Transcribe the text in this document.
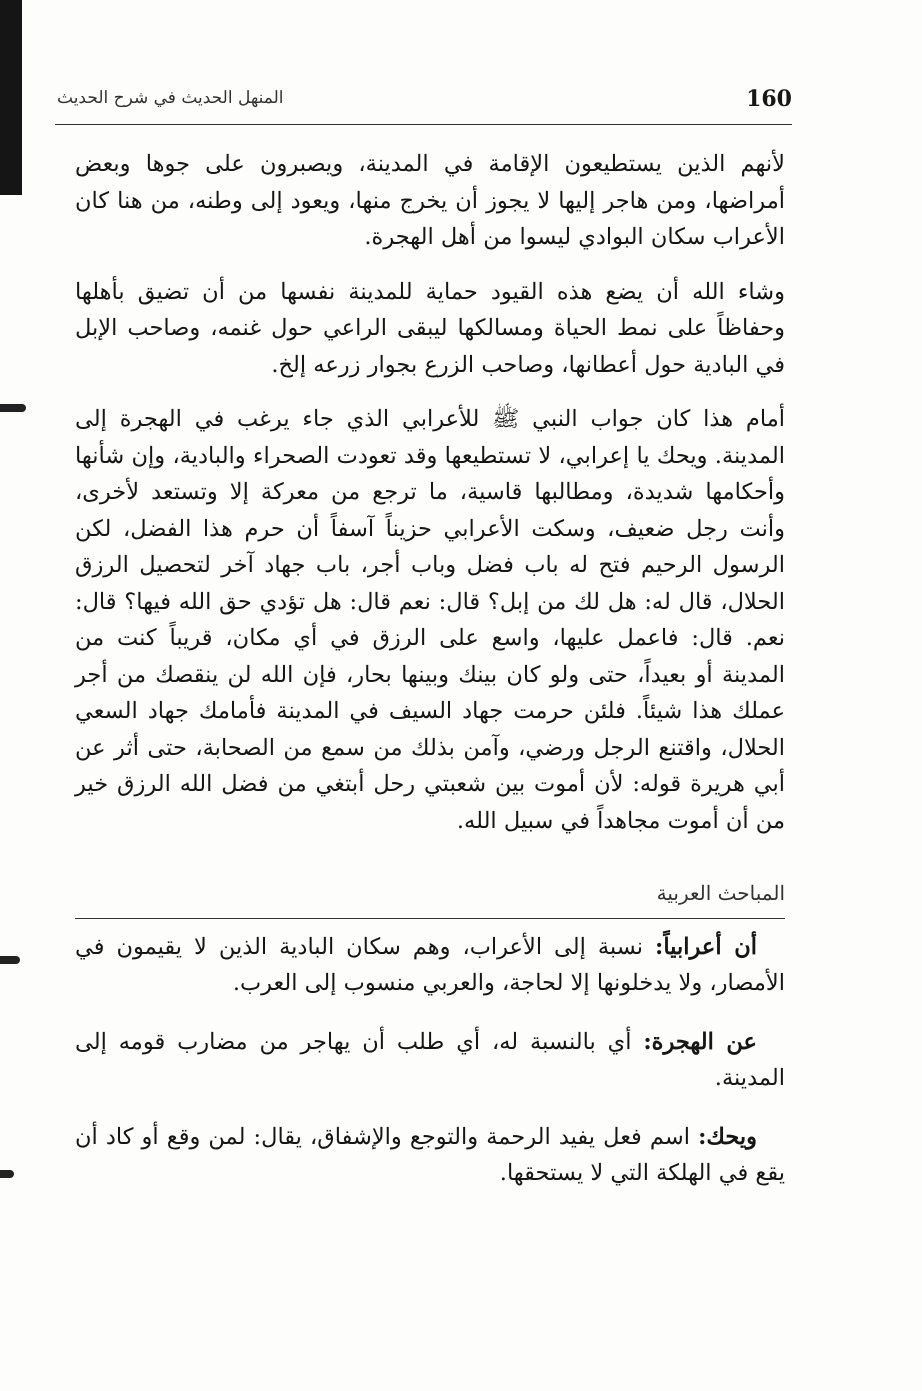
160
المنهل الحديث في شرح الحديث

لأنهم الذين يستطيعون الإقامة في المدينة، ويصبرون على جوها وبعض أمراضها، ومن هاجر إليها لا يجوز أن يخرج منها، ويعود إلى وطنه، من هنا كان الأعراب سكان البوادي ليسوا من أهل الهجرة.

وشاء الله أن يضع هذه القيود حماية للمدينة نفسها من أن تضيق بأهلها وحفاظاً على نمط الحياة ومسالكها ليبقى الراعي حول غنمه، وصاحب الإبل في البادية حول أعطانها، وصاحب الزرع بجوار زرعه إلخ.

أمام هذا كان جواب النبي ﷺ للأعرابي الذي جاء يرغب في الهجرة إلى المدينة. ويحك يا إعرابي، لا تستطيعها وقد تعودت الصحراء والبادية، وإن شأنها وأحكامها شديدة، ومطالبها قاسية، ما ترجع من معركة إلا وتستعد لأخرى، وأنت رجل ضعيف، وسكت الأعرابي حزيناً آسفاً أن حرم هذا الفضل، لكن الرسول الرحيم فتح له باب فضل وباب أجر، باب جهاد آخر لتحصيل الرزق الحلال، قال له: هل لك من إبل؟ قال: نعم قال: هل تؤدي حق الله فيها؟ قال: نعم. قال: فاعمل عليها، واسع على الرزق في أي مكان، قريباً كنت من المدينة أو بعيداً، حتى ولو كان بينك وبينها بحار، فإن الله لن ينقصك من أجر عملك هذا شيئاً. فلئن حرمت جهاد السيف في المدينة فأمامك جهاد السعي الحلال، واقتنع الرجل ورضي، وآمن بذلك من سمع من الصحابة، حتى أثر عن أبي هريرة قوله: لأن أموت بين شعبتي رحل أبتغي من فضل الله الرزق خير من أن أموت مجاهداً في سبيل الله.

المباحث العربية

أن أعرابياً: نسبة إلى الأعراب، وهم سكان البادية الذين لا يقيمون في الأمصار، ولا يدخلونها إلا لحاجة، والعربي منسوب إلى العرب.

عن الهجرة: أي بالنسبة له، أي طلب أن يهاجر من مضارب قومه إلى المدينة.

ويحك: اسم فعل يفيد الرحمة والتوجع والإشفاق، يقال: لمن وقع أو كاد أن يقع في الهلكة التي لا يستحقها.
